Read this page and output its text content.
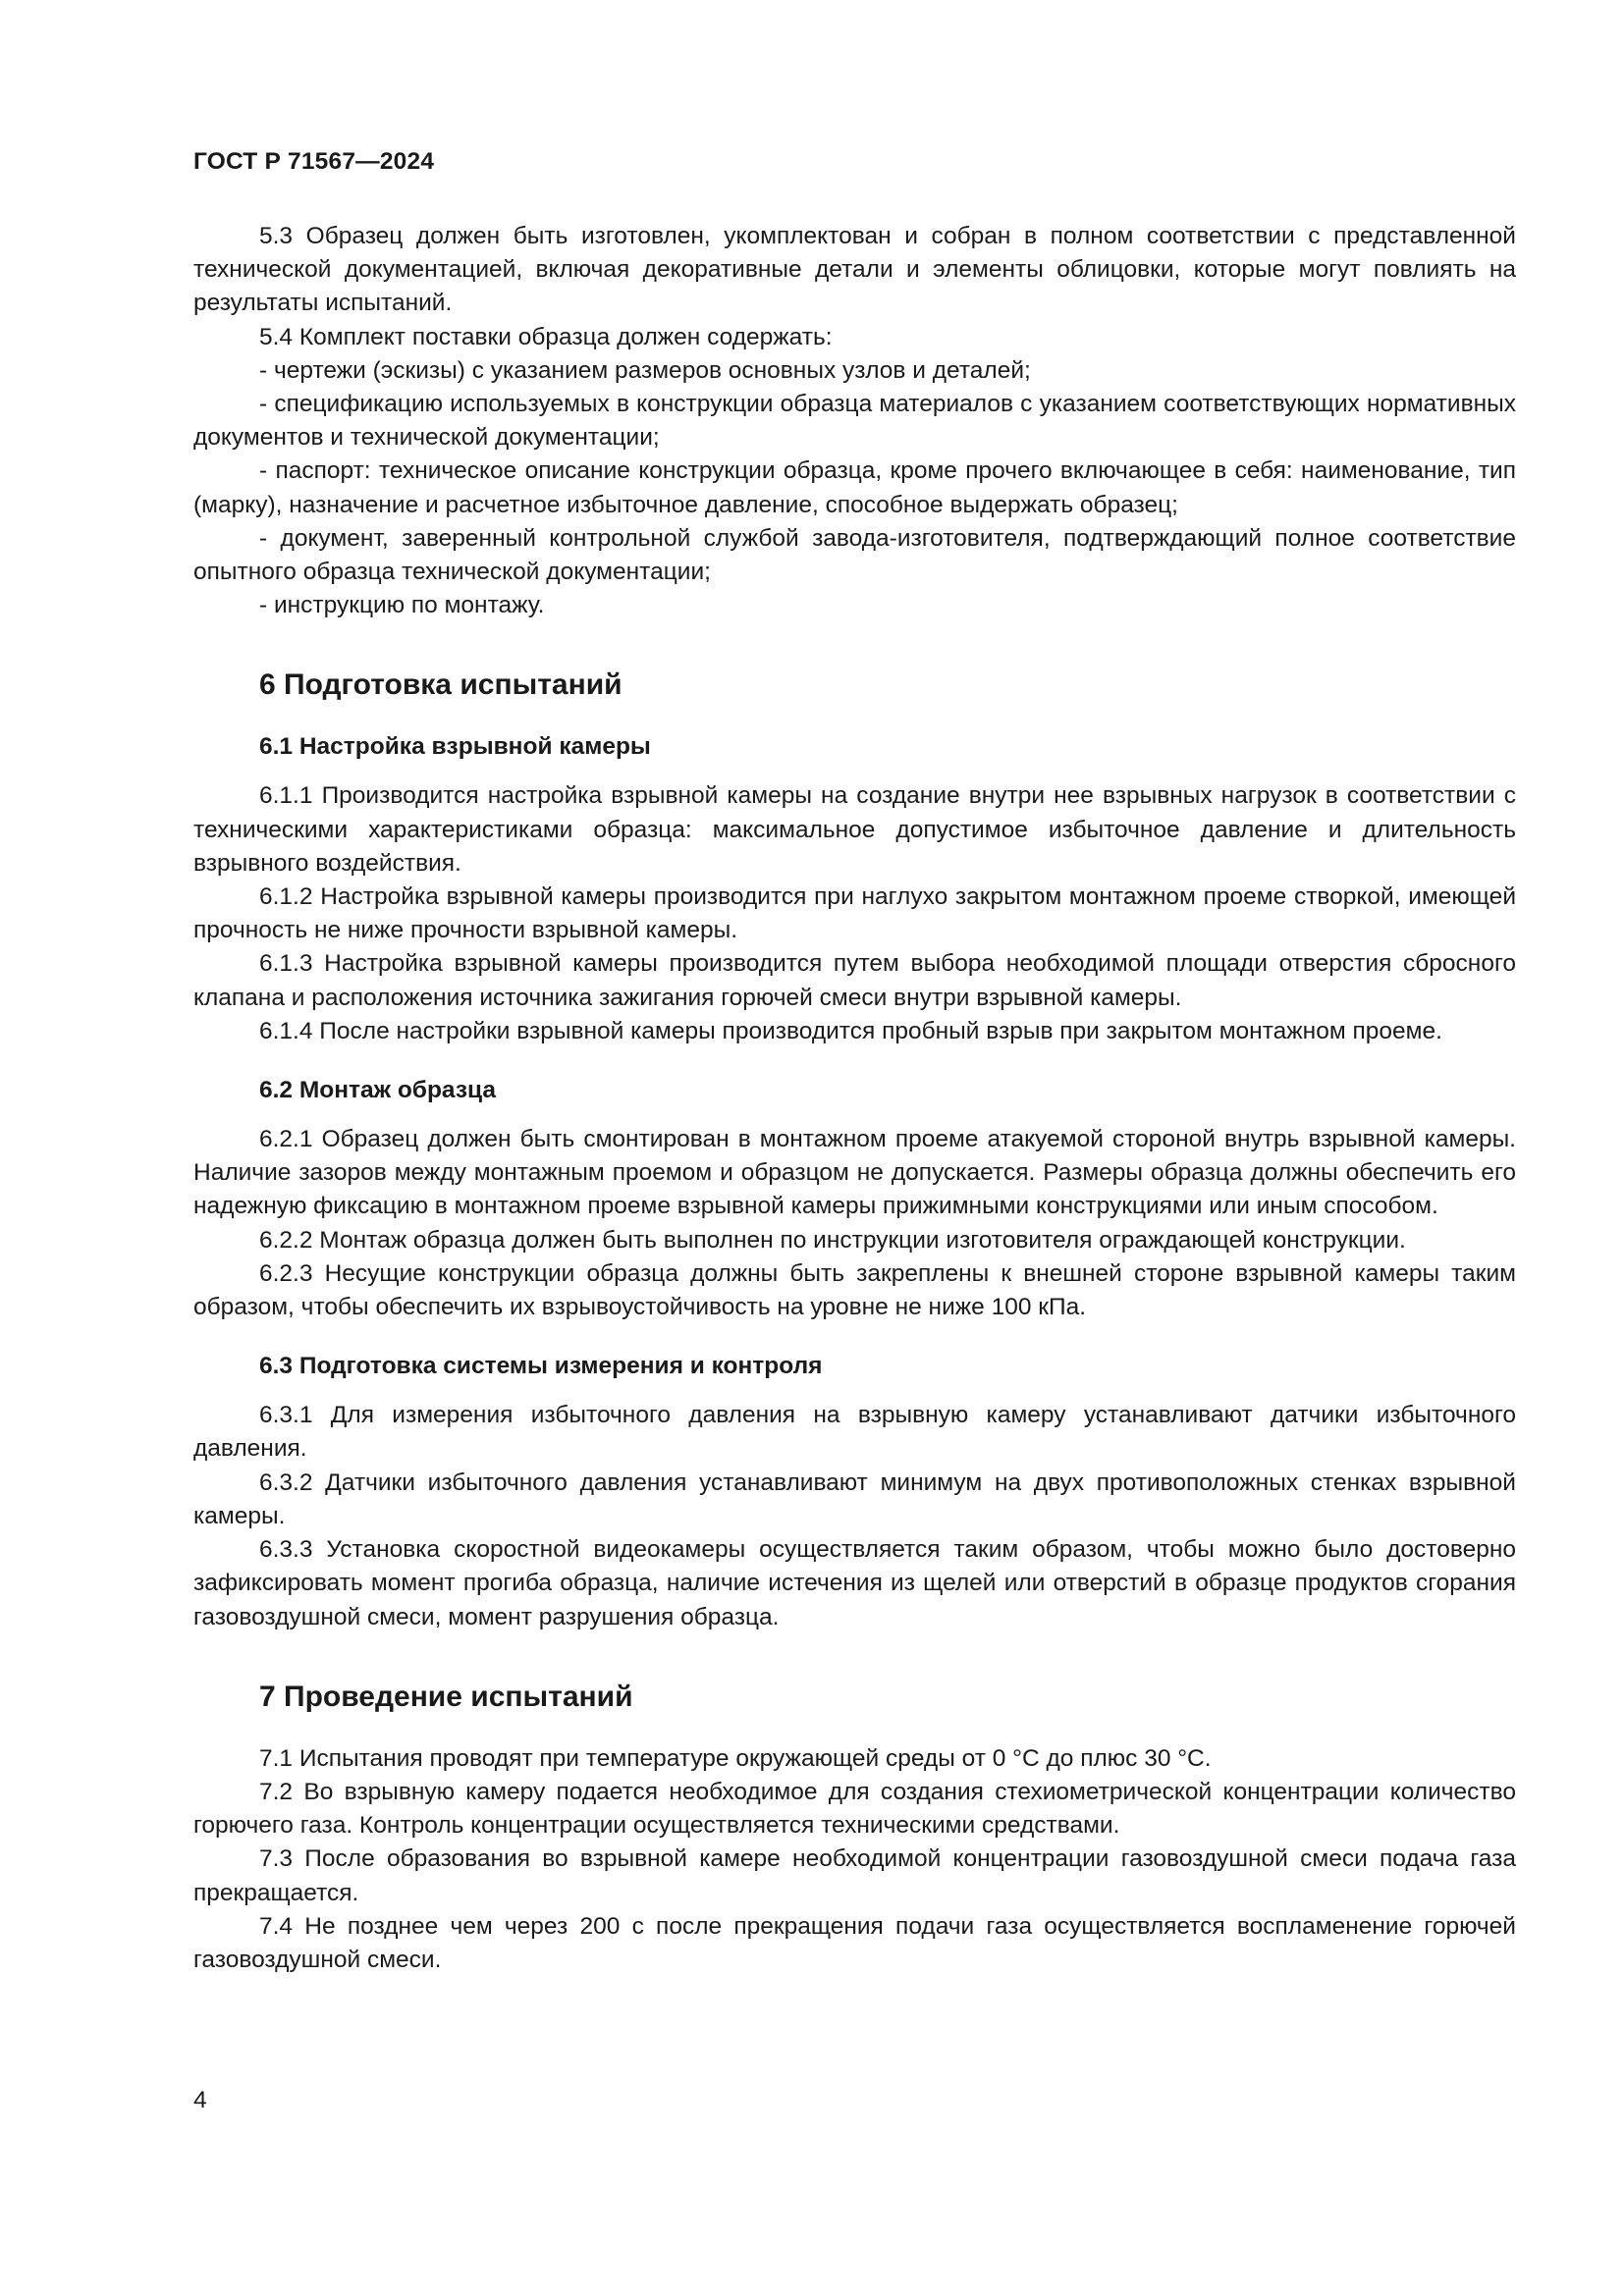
ГОСТ Р 71567—2024

5.3 Образец должен быть изготовлен, укомплектован и собран в полном соответствии с представленной технической документацией, включая декоративные детали и элементы облицовки, которые могут повлиять на результаты испытаний.

5.4 Комплект поставки образца должен содержать:

- чертежи (эскизы) с указанием размеров основных узлов и деталей;

- спецификацию используемых в конструкции образца материалов с указанием соответствующих нормативных документов и технической документации;

- паспорт: техническое описание конструкции образца, кроме прочего включающее в себя: наименование, тип (марку), назначение и расчетное избыточное давление, способное выдержать образец;

- документ, заверенный контрольной службой завода-изготовителя, подтверждающий полное соответствие опытного образца технической документации;

- инструкцию по монтажу.

6 Подготовка испытаний
6.1 Настройка взрывной камеры

6.1.1 Производится настройка взрывной камеры на создание внутри нее взрывных нагрузок в соответствии с техническими характеристиками образца: максимальное допустимое избыточное давление и длительность взрывного воздействия.

6.1.2 Настройка взрывной камеры производится при наглухо закрытом монтажном проеме створкой, имеющей прочность не ниже прочности взрывной камеры.

6.1.3 Настройка взрывной камеры производится путем выбора необходимой площади отверстия сбросного клапана и расположения источника зажигания горючей смеси внутри взрывной камеры.

6.1.4 После настройки взрывной камеры производится пробный взрыв при закрытом монтажном проеме.

6.2 Монтаж образца

6.2.1 Образец должен быть смонтирован в монтажном проеме атакуемой стороной внутрь взрывной камеры. Наличие зазоров между монтажным проемом и образцом не допускается. Размеры образца должны обеспечить его надежную фиксацию в монтажном проеме взрывной камеры прижимными конструкциями или иным способом.

6.2.2 Монтаж образца должен быть выполнен по инструкции изготовителя ограждающей конструкции.

6.2.3 Несущие конструкции образца должны быть закреплены к внешней стороне взрывной камеры таким образом, чтобы обеспечить их взрывоустойчивость на уровне не ниже 100 кПа.

6.3 Подготовка системы измерения и контроля

6.3.1 Для измерения избыточного давления на взрывную камеру устанавливают датчики избыточного давления.

6.3.2 Датчики избыточного давления устанавливают минимум на двух противоположных стенках взрывной камеры.

6.3.3 Установка скоростной видеокамеры осуществляется таким образом, чтобы можно было достоверно зафиксировать момент прогиба образца, наличие истечения из щелей или отверстий в образце продуктов сгорания газовоздушной смеси, момент разрушения образца.

7 Проведение испытаний

7.1 Испытания проводят при температуре окружающей среды от 0 °С до плюс 30 °С.

7.2 Во взрывную камеру подается необходимое для создания стехиометрической концентрации количество горючего газа. Контроль концентрации осуществляется техническими средствами.

7.3 После образования во взрывной камере необходимой концентрации газовоздушной смеси подача газа прекращается.

7.4 Не позднее чем через 200 с после прекращения подачи газа осуществляется воспламенение горючей газовоздушной смеси.

4
